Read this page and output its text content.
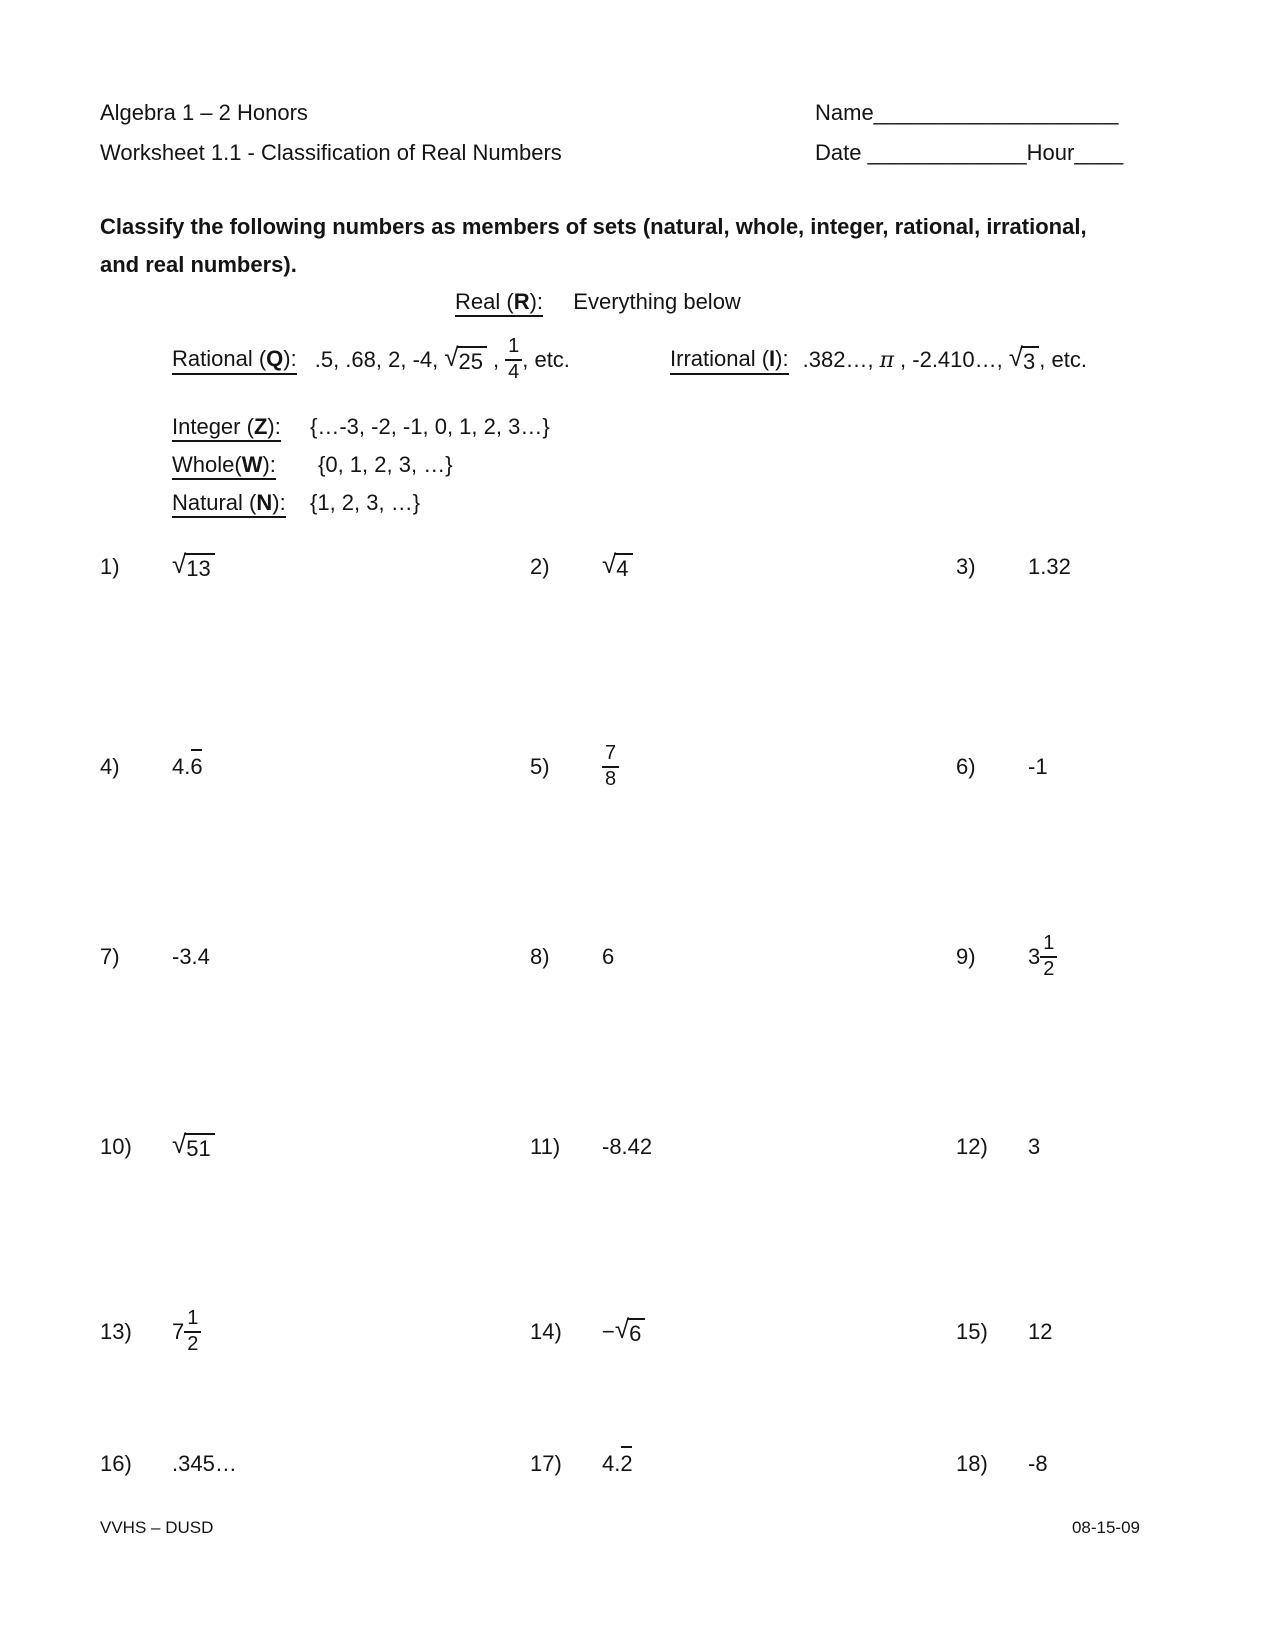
Algebra 1 – 2 Honors
Worksheet 1.1 - Classification of Real Numbers
Name____________________
Date _____________Hour____
Classify the following numbers as members of sets (natural, whole, integer, rational, irrational,
and real numbers).
Real (R): Everything below
Rational (Q): .5, .68, 2, -4, √ 25 , $\frac{1}{4}$ , etc.	Irrational (I): .382…, π , -2.410…, √ 3 , etc.
Integer (Z): {…-3, -2, -1, 0, 1, 2, 3…}
Whole(W): {0, 1, 2, 3, …}
Natural (N): {1, 2, 3, …}
1)	√ 13	2)	√ 4	3)	1.32
4)	4.6	5)	$\frac{7}{8}$	6)	-1
7)	-3.4	8)	6	9)	$3 \frac{1}{2}$
10)	√ 51	11)	-8.42	12)	3
13)	$7 \frac{1}{2}$	14)	− √ 6	15)	12
16)	.345…	17)	4.2	18)	-8
VVHS – DUSD	08-15-09
